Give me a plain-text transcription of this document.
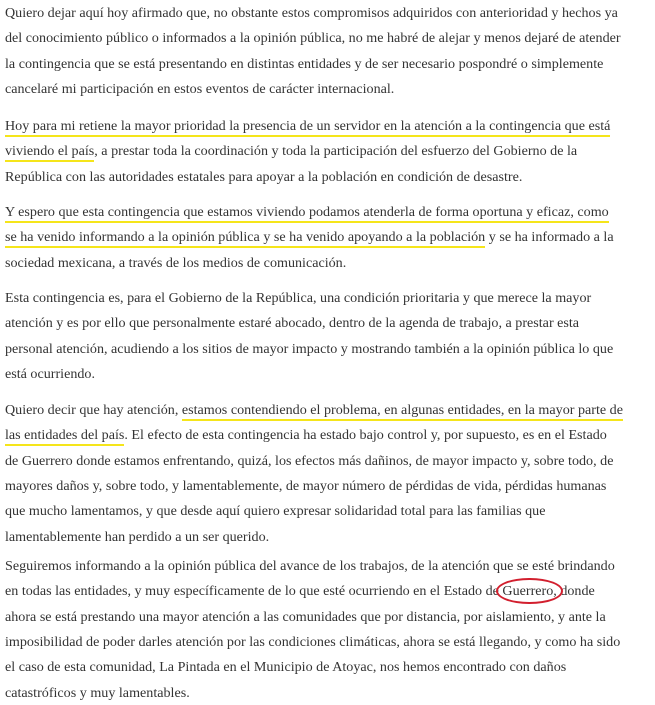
Quiero dejar aquí hoy afirmado que, no obstante estos compromisos adquiridos con anterioridad y hechos ya
del conocimiento público o informados a la opinión pública, no me habré de alejar y menos dejaré de atender
la contingencia que se está presentando en distintas entidades y de ser necesario pospondré o simplemente
cancelaré mi participación en estos eventos de carácter internacional.
Hoy para mi retiene la mayor prioridad la presencia de un servidor en la atención a la contingencia que está
viviendo el país, a prestar toda la coordinación y toda la participación del esfuerzo del Gobierno de la
República con las autoridades estatales para apoyar a la población en condición de desastre.
Y espero que esta contingencia que estamos viviendo podamos atenderla de forma oportuna y eficaz, como
se ha venido informando a la opinión pública y se ha venido apoyando a la población y se ha informado a la
sociedad mexicana, a través de los medios de comunicación.
Esta contingencia es, para el Gobierno de la República, una condición prioritaria y que merece la mayor
atención y es por ello que personalmente estaré abocado, dentro de la agenda de trabajo, a prestar esta
personal atención, acudiendo a los sitios de mayor impacto y mostrando también a la opinión pública lo que
está ocurriendo.
Quiero decir que hay atención, estamos contendiendo el problema, en algunas entidades, en la mayor parte de
las entidades del país. El efecto de esta contingencia ha estado bajo control y, por supuesto, es en el Estado
de Guerrero donde estamos enfrentando, quizá, los efectos más dañinos, de mayor impacto y, sobre todo, de
mayores daños y, sobre todo, y lamentablemente, de mayor número de pérdidas de vida, pérdidas humanas
que mucho lamentamos, y que desde aquí quiero expresar solidaridad total para las familias que
lamentablemente han perdido a un ser querido.
Seguiremos informando a la opinión pública del avance de los trabajos, de la atención que se esté brindando
en todas las entidades, y muy específicamente de lo que esté ocurriendo en el Estado de Guerrero, donde
ahora se está prestando una mayor atención a las comunidades que por distancia, por aislamiento, y ante la
imposibilidad de poder darles atención por las condiciones climáticas, ahora se está llegando, y como ha sido
el caso de esta comunidad, La Pintada en el Municipio de Atoyac, nos hemos encontrado con daños
catastróficos y muy lamentables.
